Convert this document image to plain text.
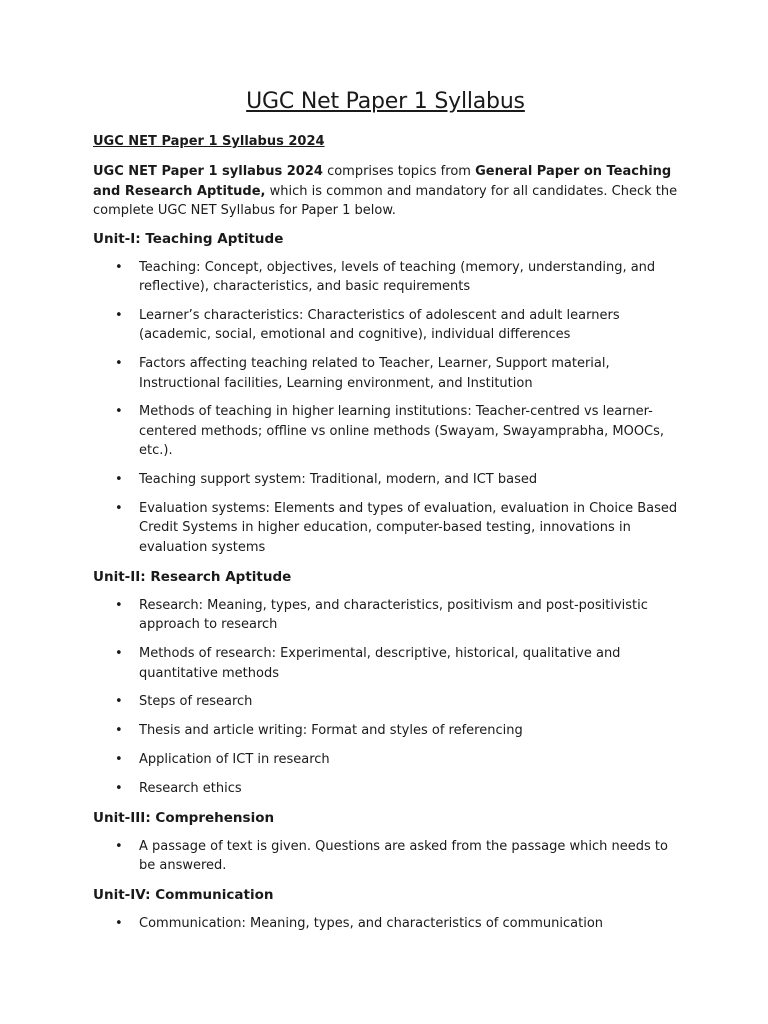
UGC Net Paper 1 Syllabus

UGC NET Paper 1 Syllabus 2024

UGC NET Paper 1 syllabus 2024 comprises topics from General Paper on Teaching and Research Aptitude, which is common and mandatory for all candidates. Check the complete UGC NET Syllabus for Paper 1 below.

Unit-I: Teaching Aptitude
• Teaching: Concept, objectives, levels of teaching (memory, understanding, and reflective), characteristics, and basic requirements
• Learner’s characteristics: Characteristics of adolescent and adult learners (academic, social, emotional and cognitive), individual differences
• Factors affecting teaching related to Teacher, Learner, Support material, Instructional facilities, Learning environment, and Institution
• Methods of teaching in higher learning institutions: Teacher-centred vs learner-centered methods; offline vs online methods (Swayam, Swayamprabha, MOOCs, etc.).
• Teaching support system: Traditional, modern, and ICT based
• Evaluation systems: Elements and types of evaluation, evaluation in Choice Based Credit Systems in higher education, computer-based testing, innovations in evaluation systems
Unit-II: Research Aptitude
• Research: Meaning, types, and characteristics, positivism and post-positivistic approach to research
• Methods of research: Experimental, descriptive, historical, qualitative and quantitative methods
• Steps of research
• Thesis and article writing: Format and styles of referencing
• Application of ICT in research
• Research ethics
Unit-III: Comprehension
• A passage of text is given. Questions are asked from the passage which needs to be answered.
Unit-IV: Communication
• Communication: Meaning, types, and characteristics of communication
